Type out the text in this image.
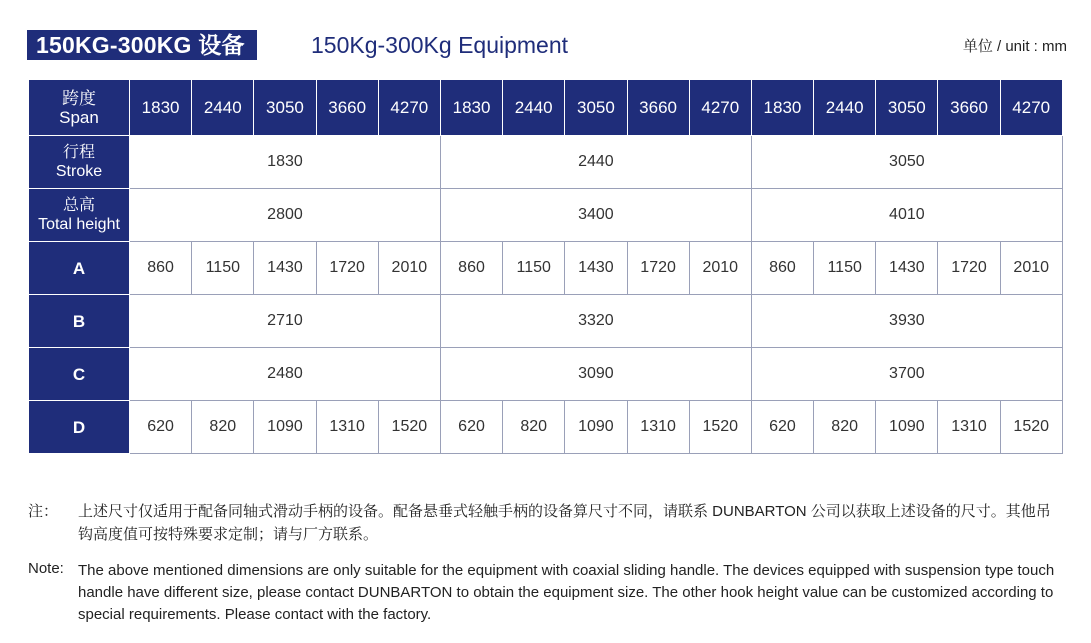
150KG-300KG 设备	150Kg-300Kg Equipment	单位 / unit : mm
跨度
Span	1830	2440	3050	3660	4270	1830	2440	3050	3660	4270	1830	2440	3050	3660	4270

行程
Stroke	1830					2440					3050				

总高
Total height	2800					3400					4010				
A	860	1150	1430	1720	2010	860	1150	1430	1720	2010	860	1150	1430	1720	2010
B	2710					3320					3930				
C	2480					3090					3700				
D	620	820	1090	1310	1520	620	820	1090	1310	1520	620	820	1090	1310	1520
注： 上述尺寸仅适用于配备同轴式滑动手柄的设备。配备悬垂式轻触手柄的设备算尺寸不同，请联系 DUNBARTON 公司以获取上述设备的尺寸。其他吊钩高度值可按特殊要求定制；请与厂方联系。
Note: The above mentioned dimensions are only suitable for the equipment with coaxial sliding handle. The devices equipped with suspension type touch handle have different size, please contact DUNBARTON to obtain the equipment size. The other hook height value can be customized according to special requirements. Please contact with the factory.
